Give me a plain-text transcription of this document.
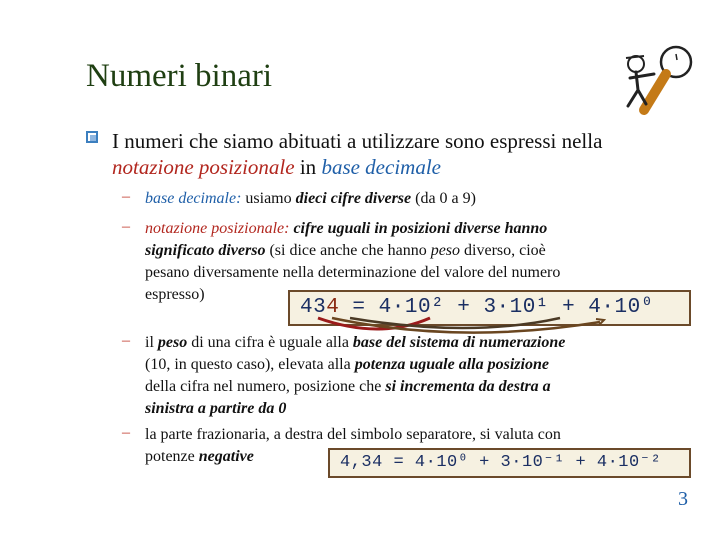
Numeri binari
I numeri che siamo abituati a utilizzare sono espressi nella
notazione posizionale in base decimale
– base decimale: usiamo dieci cifre diverse (da 0 a 9)
– notazione posizionale: cifre uguali in posizioni diverse hanno
significato diverso (si dice anche che hanno peso diverso, cioè
pesano diversamente nella determinazione del valore del numero
espresso)
434 = 4·10² + 3·10¹ + 4·10⁰
– il peso di una cifra è uguale alla base del sistema di numerazione
(10, in questo caso), elevata alla potenza uguale alla posizione
della cifra nel numero, posizione che si incrementa da destra a
sinistra a partire da 0
– la parte frazionaria, a destra del simbolo separatore, si valuta con
potenze negative	4,34 = 4·10⁰ + 3·10⁻¹ + 4·10⁻²
3
